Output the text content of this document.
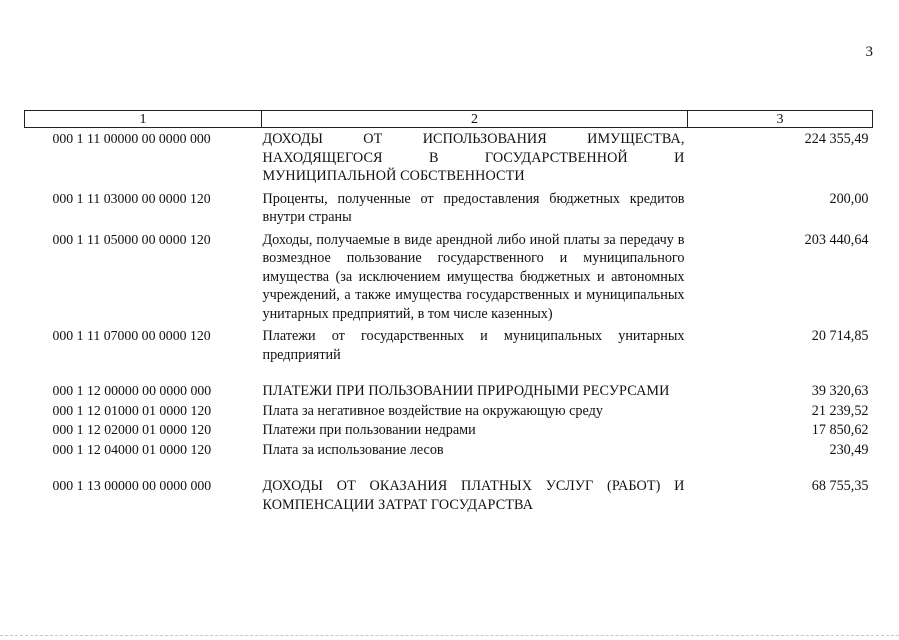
3
1	2	3
000 1 11 00000 00 0000 000	ДОХОДЫ ОТ ИСПОЛЬЗОВАНИЯ ИМУЩЕСТВА, НАХОДЯЩЕГОСЯ В ГОСУДАРСТВЕННОЙ И МУНИЦИПАЛЬНОЙ СОБСТВЕННОСТИ	224 355,49
000 1 11 03000 00 0000 120	Проценты, полученные от предоставления бюджетных кредитов внутри страны	200,00
000 1 11 05000 00 0000 120	Доходы, получаемые в виде арендной либо иной платы за передачу в возмездное пользование государственного и муниципального имущества (за исключением имущества бюджетных и автономных учреждений, а также имущества государственных и муниципальных унитарных предприятий, в том числе казенных)	203 440,64
000 1 11 07000 00 0000 120	Платежи от государственных и муниципальных унитарных предприятий	20 714,85
000 1 12 00000 00 0000 000	ПЛАТЕЖИ ПРИ ПОЛЬЗОВАНИИ ПРИРОДНЫМИ РЕСУРСАМИ	39 320,63
000 1 12 01000 01 0000 120	Плата за негативное воздействие на окружающую среду	21 239,52
000 1 12 02000 01 0000 120	Платежи при пользовании недрами	17 850,62
000 1 12 04000 01 0000 120	Плата за использование лесов	230,49
000 1 13 00000 00 0000 000	ДОХОДЫ ОТ ОКАЗАНИЯ ПЛАТНЫХ УСЛУГ (РАБОТ) И КОМПЕНСАЦИИ ЗАТРАТ ГОСУДАРСТВА	68 755,35
